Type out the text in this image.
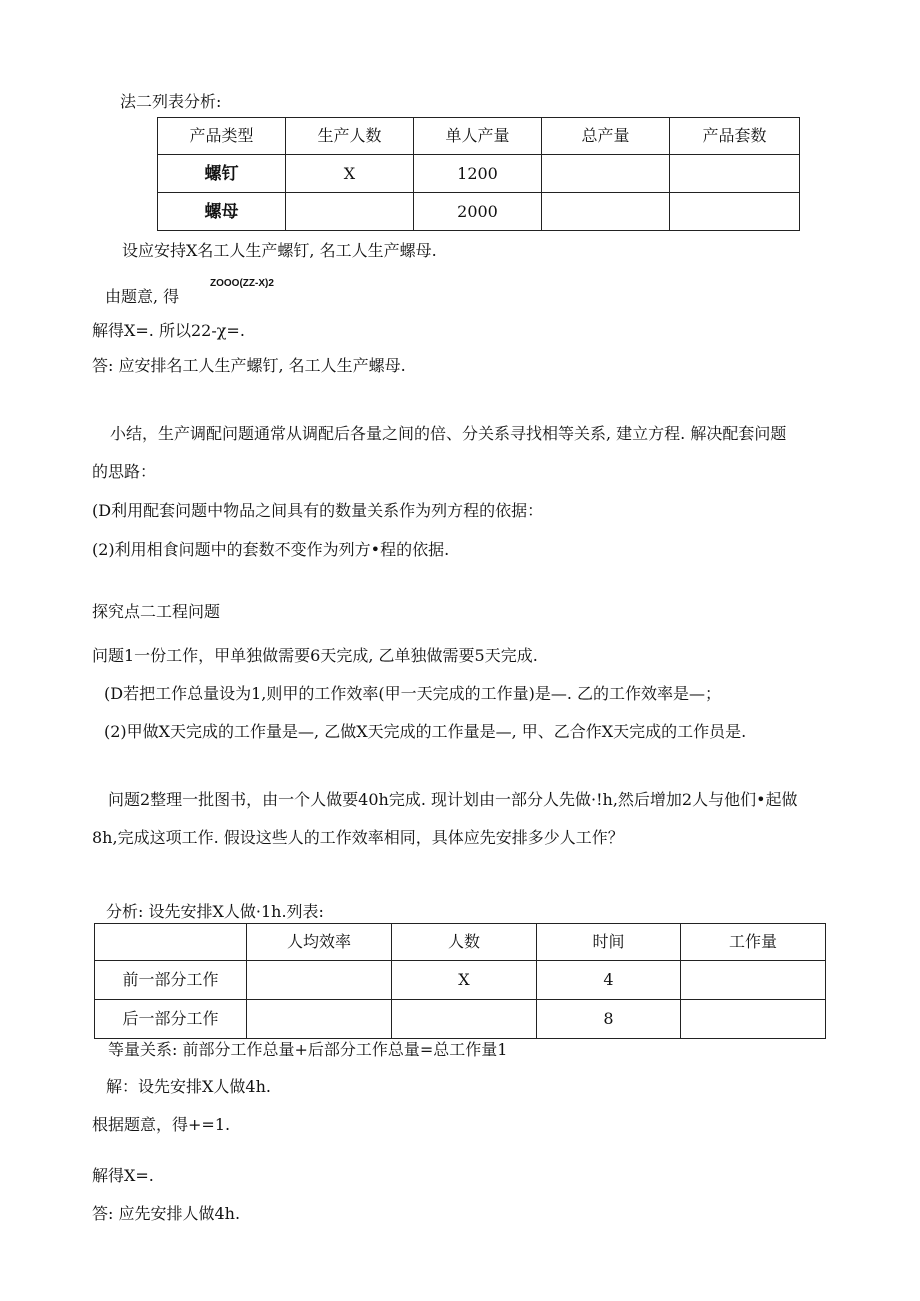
法二列表分析:
产品类型	生产人数	单人产量	总产量	产品套数
螺钉	X	1200		
螺母		2000		
设应安持X名工人生产螺钉, 名工人生产螺母.
ZOOO(ZZ-X)2
由题意, 得
解得X=. 所以22-χ=.
答: 应安排名工人生产螺钉, 名工人生产螺母.
小结，生产调配问题通常从调配后各量之间的倍、分关系寻找相等关系, 建立方程. 解决配套问题
的思路：
(D利用配套问题中物品之间具有的数量关系作为列方程的依据：
(2)利用相食问题中的套数不变作为列方•程的依据.
探究点二工程问题
问题1一份工作，甲单独做需要6天完成, 乙单独做需要5天完成.
(D若把工作总量设为1,则甲的工作效率(甲一天完成的工作量)是—. 乙的工作效率是—；
(2)甲做X天完成的工作量是—, 乙做X天完成的工作量是—, 甲、乙合作X天完成的工作员是.
问题2整理一批图书，由一个人做要40h完成. 现计划由一部分人先做·!h,然后增加2人与他们•起做
8h,完成这项工作. 假设这些人的工作效率相同，具体应先安排多少人工作？
分析: 设先安排X人做·1h.列表:
	人均效率	人数	时间	工作量
前一部分工作		X	4	
后一部分工作			8	
等量关系: 前部分工作总量+后部分工作总量=总工作量1
解：设先安排X人做4h.
根据题意，得+=1.
解得X=.
答: 应先安排人做4h.
